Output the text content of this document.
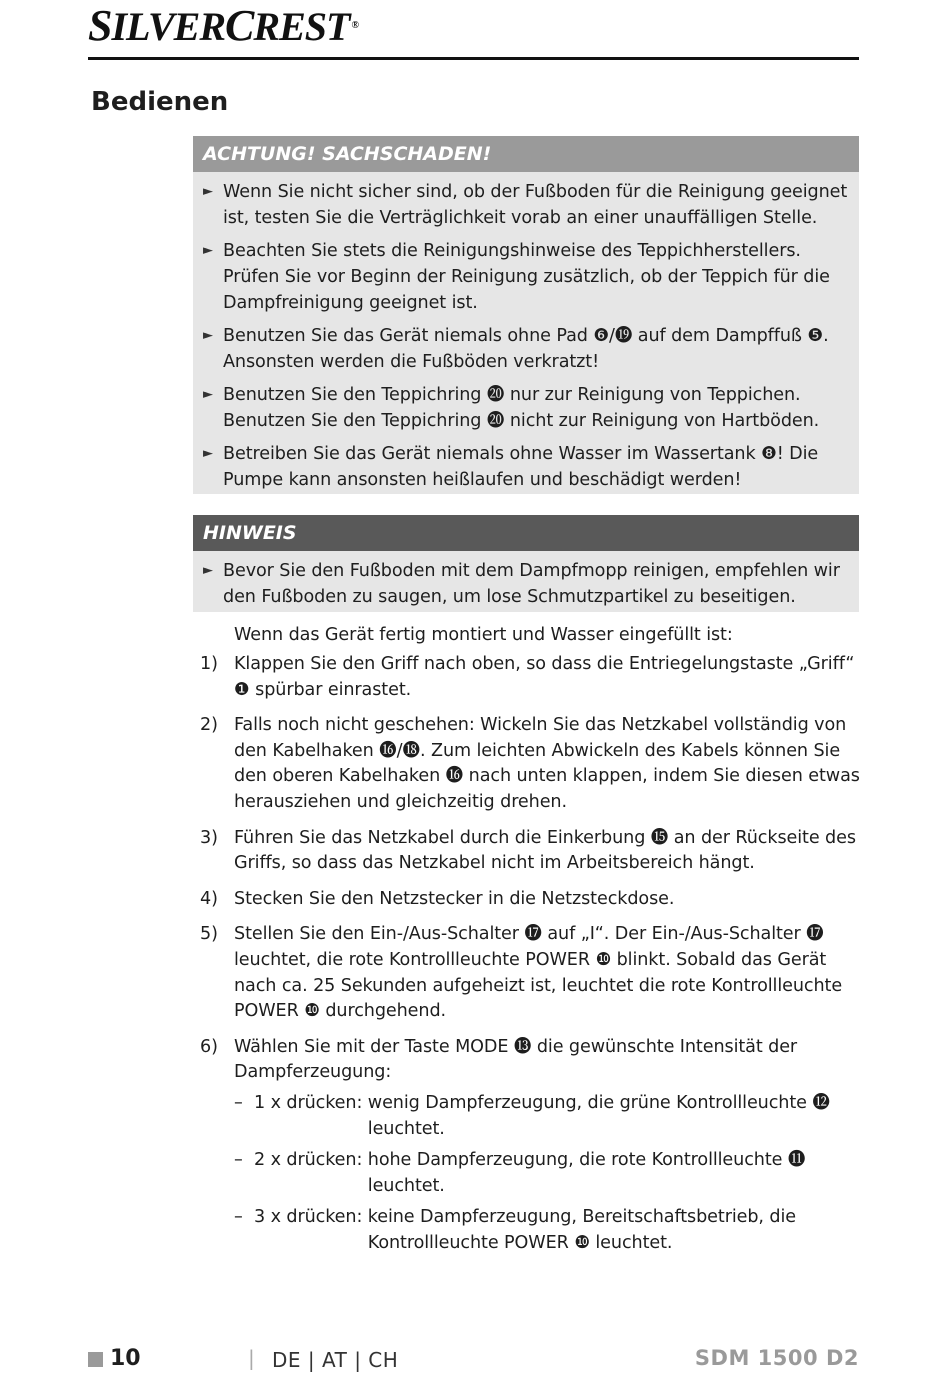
SILVERCREST ®
Bedienen
ACHTUNG! SACHSCHADEN!
► Wenn Sie nicht sicher sind, ob der Fußboden für die Reinigung geeignet ist, testen Sie die Verträglichkeit vorab an einer unauffälligen Stelle.
► Beachten Sie stets die Reinigungshinweise des Teppichherstellers. Prüfen Sie vor Beginn der Reinigung zusätzlich, ob der Teppich für die Dampfreinigung geeignet ist.
► Benutzen Sie das Gerät niemals ohne Pad ❻/⓳ auf dem Dampffuß ❺. Ansonsten werden die Fußböden verkratzt!
► Benutzen Sie den Teppichring ⓴ nur zur Reinigung von Teppichen. Benutzen Sie den Teppichring ⓴ nicht zur Reinigung von Hartböden.
► Betreiben Sie das Gerät niemals ohne Wasser im Wassertank ❽! Die Pumpe kann ansonsten heißlaufen und beschädigt werden!
HINWEIS
► Bevor Sie den Fußboden mit dem Dampfmopp reinigen, empfehlen wir den Fußboden zu saugen, um lose Schmutzpartikel zu beseitigen.
Wenn das Gerät fertig montiert und Wasser eingefüllt ist:
1) Klappen Sie den Griff nach oben, so dass die Entriegelungstaste „Griff“ ❶ spürbar einrastet.
2) Falls noch nicht geschehen: Wickeln Sie das Netzkabel vollständig von den Kabelhaken ⓰/⓲. Zum leichten Abwickeln des Kabels können Sie den oberen Kabelhaken ⓰ nach unten klappen, indem Sie diesen etwas herausziehen und gleichzeitig drehen.
3) Führen Sie das Netzkabel durch die Einkerbung ⓯ an der Rückseite des Griffs, so dass das Netzkabel nicht im Arbeitsbereich hängt.
4) Stecken Sie den Netzstecker in die Netzsteckdose.
5) Stellen Sie den Ein-/Aus-Schalter ⓱ auf „I“. Der Ein-/Aus-Schalter ⓱ leuchtet, die rote Kontrollleuchte POWER ❿ blinkt. Sobald das Gerät nach ca. 25 Sekunden aufgeheizt ist, leuchtet die rote Kontrollleuchte POWER ❿ durchgehend.
6) Wählen Sie mit der Taste MODE ⓭ die gewünschte Intensität der Dampferzeugung:
– 1 x drücken: wenig Dampferzeugung, die grüne Kontrollleuchte ⓬ leuchtet.
– 2 x drücken: hohe Dampferzeugung, die rote Kontrollleuchte ⓫ leuchtet.
– 3 x drücken: keine Dampferzeugung, Bereitschaftsbetrieb, die Kontrollleuchte POWER ❿ leuchtet.
10	| DE | AT | CH	SDM 1500 D2
